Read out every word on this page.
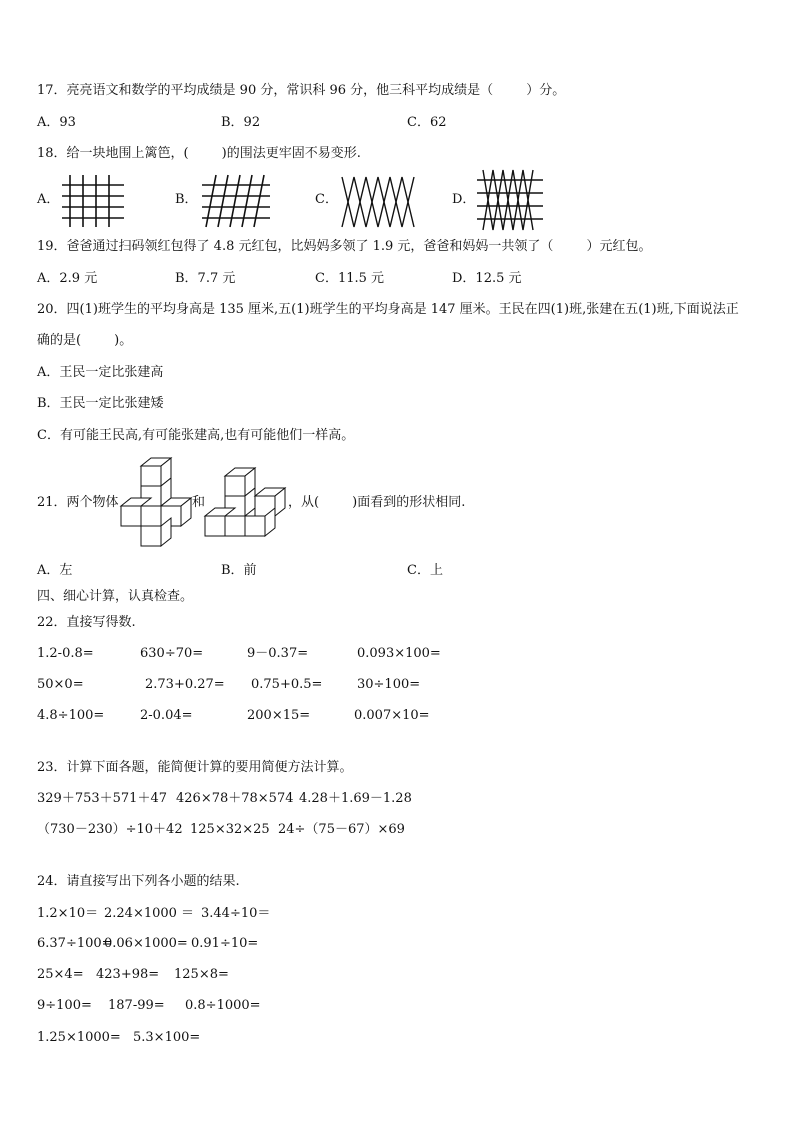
17．亮亮语文和数学的平均成绩是 90 分，常识科 96 分，他三科平均成绩是（        ）分。
A．93	B．92	C．62
18．给一块地围上篱笆，(        )的围法更牢固不易变形.
A．	B．	C．	D．
19．爸爸通过扫码领红包得了 4.8 元红包，比妈妈多领了 1.9 元，爸爸和妈妈一共领了（        ）元红包。
A．2.9 元	B．7.7 元	C．11.5 元	D．12.5 元
20．四(1)班学生的平均身高是 135 厘米,五(1)班学生的平均身高是 147 厘米。王民在四(1)班,张建在五(1)班,下面说法正
确的是(        )。
A．王民一定比张建高
B．王民一定比张建矮
C．有可能王民高,有可能张建高,也有可能他们一样高。
21．两个物体	和	，从(        )面看到的形状相同.
A．左	B．前	C．上
四、细心计算，认真检查。
22．直接写得数.
1.2-0.8=	630÷70=	9－0.37=	0.093×100=
50×0=	2.73+0.27= 0.75+0.5=	30÷100=
4.8÷100=	2-0.04=	200×15=	0.007×10=
23．计算下面各题，能简便计算的要用简便方法计算。
329＋753＋571＋47 426×78＋78×574 4.28＋1.69－1.28
（730－230）÷10＋42 125×32×25 24÷（75－67）×69
24．请直接写出下列各小题的结果.
1.2×10＝ 2.24×1000 ＝ 3.44÷10＝
6.37÷100=
0.06×1000= 0.91÷10=
25×4= 423+98= 125×8=
9÷100= 187-99= 0.8÷1000=
1.25×1000= 5.3×100=
